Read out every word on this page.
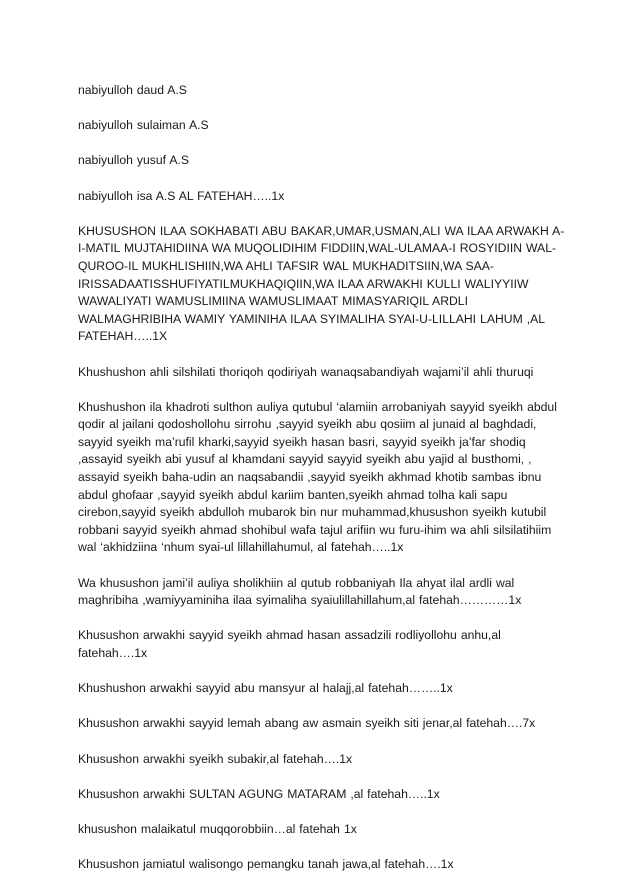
nabiyulloh daud A.S

nabiyulloh sulaiman A.S

nabiyulloh yusuf A.S

nabiyulloh isa A.S AL FATEHAH…..1x

KHUSUSHON ILAA SOKHABATI ABU BAKAR,UMAR,USMAN,ALI WA ILAA ARWAKH A-I-MATIL MUJTAHIDIINA WA MUQOLIDIHIM FIDDIIN,WAL-ULAMAA-I ROSYIDIIN WAL-QUROO-IL MUKHLISHIIN,WA AHLI TAFSIR WAL MUKHADITSIIN,WA SAA-IRISSADAATISSHUFIYATILMUKHAQIQIIN,WA ILAA ARWAKHI KULLI WALIYYIIW WAWALIYATI WAMUSLIMIINA WAMUSLIMAAT MIMASYARIQIL ARDLI WALMAGHRIBIHA WAMIY YAMINIHA ILAA SYIMALIHA SYAI-U-LILLAHI LAHUM ,AL FATEHAH…..1X

Khushushon ahli silshilati thoriqoh qodiriyah wanaqsabandiyah wajami’il ahli thuruqi

Khushushon ila khadroti sulthon auliya qutubul ‘alamiin arrobaniyah sayyid syeikh abdul qodir al jailani qodoshollohu sirrohu ,sayyid syeikh abu qosiim al junaid al baghdadi, sayyid syeikh ma’rufil kharki,sayyid syeikh hasan basri, sayyid syeikh ja’far shodiq ,assayid syeikh abi yusuf al khamdani sayyid sayyid syeikh abu yajid al busthomi, , assayid syeikh baha-udin an naqsabandii ,sayyid syeikh akhmad khotib sambas ibnu abdul ghofaar ,sayyid syeikh abdul kariim banten,syeikh ahmad tolha kali sapu cirebon,sayyid syeikh abdulloh mubarok bin nur muhammad,khusushon syeikh kutubil robbani sayyid syeikh ahmad shohibul wafa tajul arifiin wu furu-ihim wa ahli silsilatihiim wal ‘akhidziina ‘nhum syai-ul lillahillahumul, al fatehah…..1x

Wa khusushon jami’il auliya sholikhiin al qutub robbaniyah Ila ahyat ilal ardli wal maghribiha ,wamiyyaminiha ilaa syimaliha syaiulillahillahum,al fatehah…………1x

Khusushon arwakhi sayyid syeikh ahmad hasan assadzili rodliyollohu anhu,al fatehah….1x

Khushushon arwakhi sayyid abu mansyur al halajj,al fatehah……..1x

Khusushon arwakhi sayyid lemah abang aw asmain syeikh siti jenar,al fatehah….7x

Khusushon arwakhi syeikh subakir,al fatehah….1x

Khusushon arwakhi SULTAN AGUNG MATARAM ,al fatehah…..1x

khusushon malaikatul muqqorobbiin…al fatehah 1x

Khusushon jamiatul walisongo pemangku tanah jawa,al fatehah….1x
